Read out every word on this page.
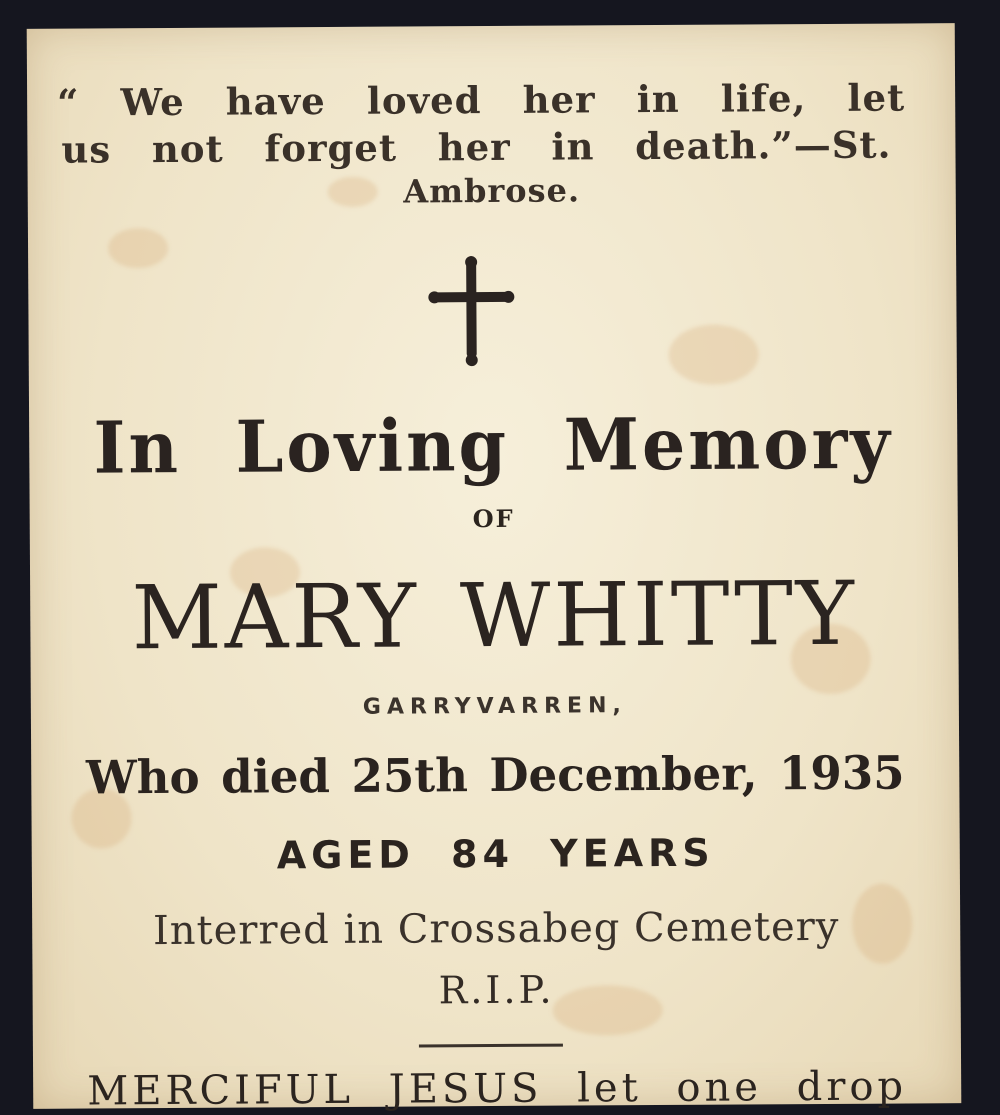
“ We have loved her in life, let
us not forget her in death.”—St.
Ambrose.
In Loving Memory
OF
MARY WHITTY
GARRYVARREN,
Who died 25th December, 1935
AGED 84 YEARS
Interred in Crossabeg Cemetery
R.I.P.
MERCIFUL JESUS let one drop
